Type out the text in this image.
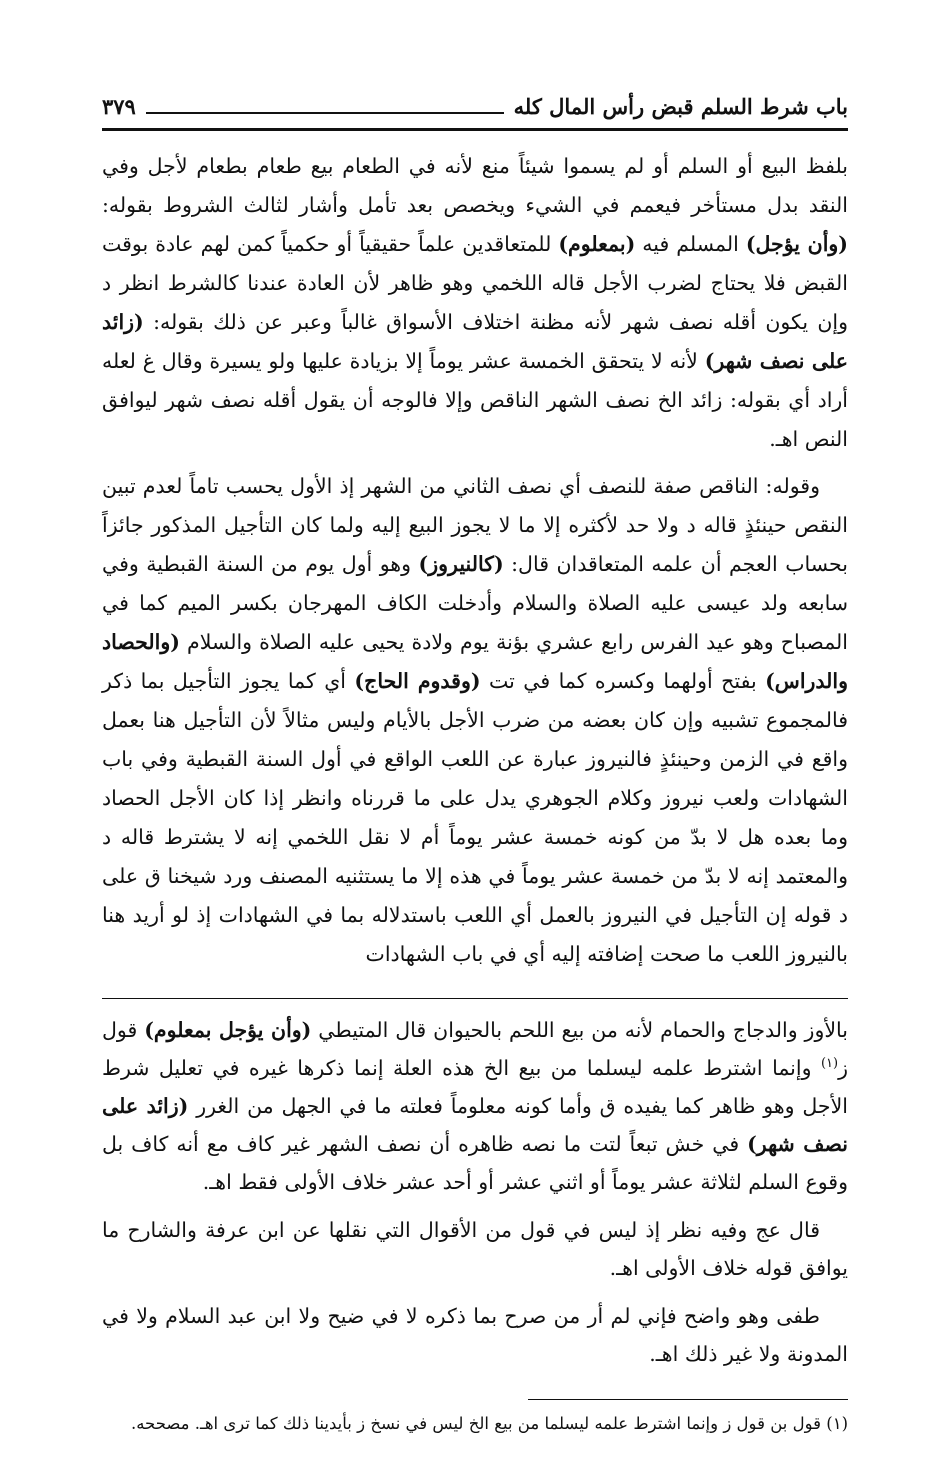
باب شرط السلم قبض رأس المال كله
٣٧٩

بلفظ البيع أو السلم أو لم يسموا شيئاً منع لأنه في الطعام بيع طعام بطعام لأجل وفي النقد بدل مستأخر فيعمم في الشيء ويخصص بعد تأمل وأشار لثالث الشروط بقوله: (وأن يؤجل) المسلم فيه (بمعلوم) للمتعاقدين علماً حقيقياً أو حكمياً كمن لهم عادة بوقت القبض فلا يحتاج لضرب الأجل قاله اللخمي وهو ظاهر لأن العادة عندنا كالشرط انظر د وإن يكون أقله نصف شهر لأنه مظنة اختلاف الأسواق غالباً وعبر عن ذلك بقوله: (زائد على نصف شهر) لأنه لا يتحقق الخمسة عشر يوماً إلا بزيادة عليها ولو يسيرة وقال غ لعله أراد أي بقوله: زائد الخ نصف الشهر الناقص وإلا فالوجه أن يقول أقله نصف شهر ليوافق النص اهـ.

وقوله: الناقص صفة للنصف أي نصف الثاني من الشهر إذ الأول يحسب تاماً لعدم تبين النقص حينئذٍ قاله د ولا حد لأكثره إلا ما لا يجوز البيع إليه ولما كان التأجيل المذكور جائزاً بحساب العجم أن علمه المتعاقدان قال: (كالنيروز) وهو أول يوم من السنة القبطية وفي سابعه ولد عيسى عليه الصلاة والسلام وأدخلت الكاف المهرجان بكسر الميم كما في المصباح وهو عيد الفرس رابع عشري بؤنة يوم ولادة يحيى عليه الصلاة والسلام (والحصاد والدراس) بفتح أولهما وكسره كما في تت (وقدوم الحاج) أي كما يجوز التأجيل بما ذكر فالمجموع تشبيه وإن كان بعضه من ضرب الأجل بالأيام وليس مثالاً لأن التأجيل هنا بعمل واقع في الزمن وحينئذٍ فالنيروز عبارة عن اللعب الواقع في أول السنة القبطية وفي باب الشهادات ولعب نيروز وكلام الجوهري يدل على ما قررناه وانظر إذا كان الأجل الحصاد وما بعده هل لا بدّ من كونه خمسة عشر يوماً أم لا نقل اللخمي إنه لا يشترط قاله د والمعتمد إنه لا بدّ من خمسة عشر يوماً في هذه إلا ما يستثنيه المصنف ورد شيخنا ق على د قوله إن التأجيل في النيروز بالعمل أي اللعب باستدلاله بما في الشهادات إذ لو أريد هنا بالنيروز اللعب ما صحت إضافته إليه أي في باب الشهادات

بالأوز والدجاج والحمام لأنه من بيع اللحم بالحيوان قال المتيطي (وأن يؤجل بمعلوم) قول ز$^{(١)}$ وإنما اشترط علمه ليسلما من بيع الخ هذه العلة إنما ذكرها غيره في تعليل شرط الأجل وهو ظاهر كما يفيده ق وأما كونه معلوماً فعلته ما في الجهل من الغرر (زائد على نصف شهر) في خش تبعاً لتت ما نصه ظاهره أن نصف الشهر غير كاف مع أنه كاف بل وقوع السلم لثلاثة عشر يوماً أو اثني عشر أو أحد عشر خلاف الأولى فقط اهـ.

قال عج وفيه نظر إذ ليس في قول من الأقوال التي نقلها عن ابن عرفة والشارح ما يوافق قوله خلاف الأولى اهـ.

طفى وهو واضح فإني لم أر من صرح بما ذكره لا في ضيح ولا ابن عبد السلام ولا في المدونة ولا غير ذلك اهـ.

(١) قول بن قول ز وإنما اشترط علمه ليسلما من بيع الخ ليس في نسخ ز بأيدينا ذلك كما ترى اهـ. مصححه.
